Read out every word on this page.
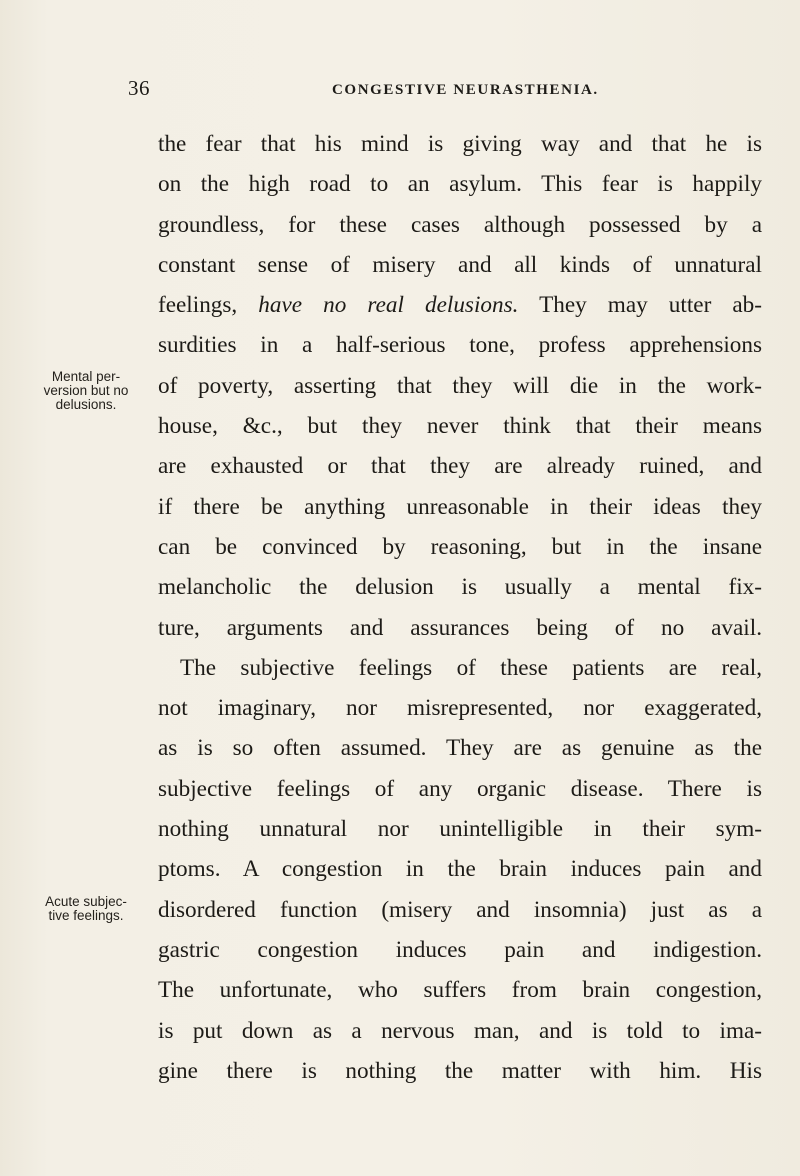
36	CONGESTIVE NEURASTHENIA.
Mental per-
version but no
delusions.
Acute subjec-
tive feelings.
the fear that his mind is giving way and that he is
on the high road to an asylum. This fear is happily
groundless, for these cases although possessed by a
constant sense of misery and all kinds of unnatural
feelings, have no real delusions. They may utter ab-
surdities in a half-serious tone, profess apprehensions
of poverty, asserting that they will die in the work-
house, &c., but they never think that their means
are exhausted or that they are already ruined, and
if there be anything unreasonable in their ideas they
can be convinced by reasoning, but in the insane
melancholic the delusion is usually a mental fix-
ture, arguments and assurances being of no avail.
The subjective feelings of these patients are real,
not imaginary, nor misrepresented, nor exaggerated,
as is so often assumed. They are as genuine as the
subjective feelings of any organic disease. There is
nothing unnatural nor unintelligible in their sym-
ptoms. A congestion in the brain induces pain and
disordered function (misery and insomnia) just as a
gastric congestion induces pain and indigestion.
The unfortunate, who suffers from brain congestion,
is put down as a nervous man, and is told to ima-
gine there is nothing the matter with him. His
